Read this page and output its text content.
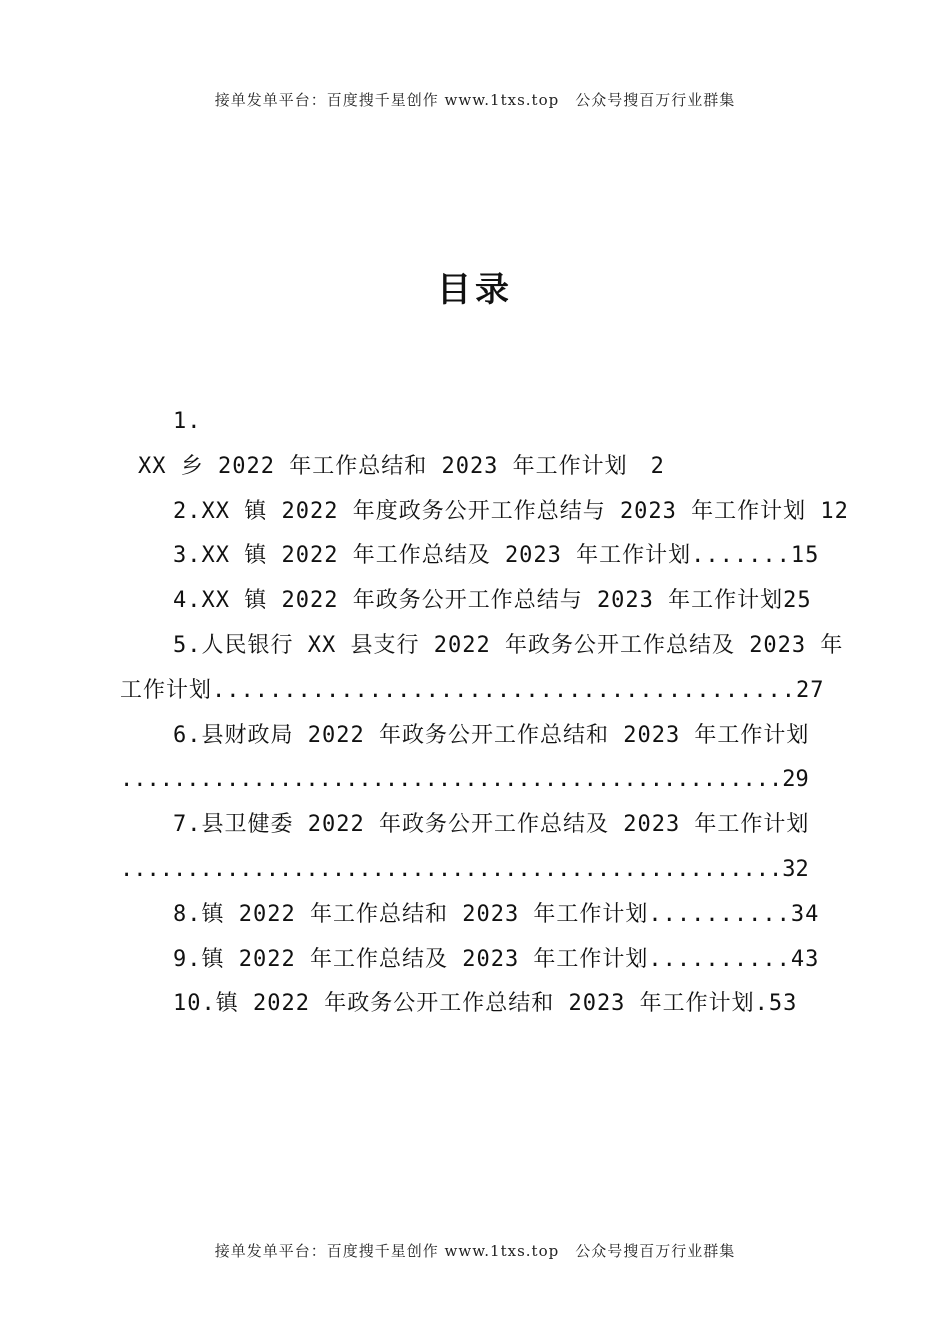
接单发单平台：百度搜千星创作 www.1txs.top　公众号搜百万行业群集
目录
1.
XX 乡 2022 年工作总结和 2023 年工作计划　2
2.XX 镇 2022 年度政务公开工作总结与 2023 年工作计划 12
3.XX 镇 2022 年工作总结及 2023 年工作计划.......15
4.XX 镇 2022 年政务公开工作总结与 2023 年工作计划25
5.人民银行 XX 县支行 2022 年政务公开工作总结及 2023 年
工作计划.........................................27
6.县财政局 2022 年政务公开工作总结和 2023 年工作计划
..................................................29
7.县卫健委 2022 年政务公开工作总结及 2023 年工作计划
..................................................32
8.镇 2022 年工作总结和 2023 年工作计划..........34
9.镇 2022 年工作总结及 2023 年工作计划..........43
10.镇 2022 年政务公开工作总结和 2023 年工作计划.53
接单发单平台：百度搜千星创作 www.1txs.top　公众号搜百万行业群集
